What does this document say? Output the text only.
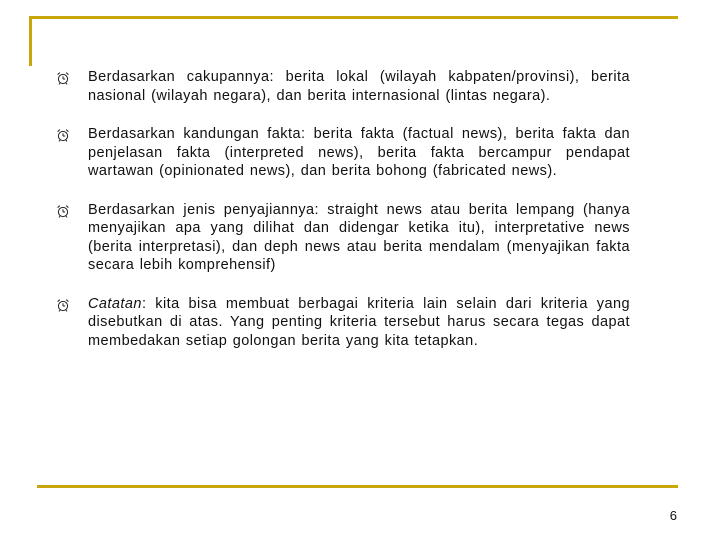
Berdasarkan cakupannya: berita lokal (wilayah kabpaten/provinsi), berita nasional (wilayah negara), dan berita internasional (lintas negara).
Berdasarkan kandungan fakta: berita fakta (factual news), berita fakta dan penjelasan fakta (interpreted news), berita fakta bercampur pendapat wartawan (opinionated news), dan berita bohong (fabricated news).
Berdasarkan jenis penyajiannya: straight news atau berita lempang (hanya menyajikan apa yang dilihat dan didengar ketika itu), interpretative news (berita interpretasi), dan deph news atau berita mendalam (menyajikan fakta secara lebih komprehensif)
Catatan: kita bisa membuat berbagai kriteria lain selain dari kriteria yang disebutkan di atas. Yang penting kriteria tersebut harus secara tegas dapat membedakan setiap golongan berita yang kita tetapkan.
6
